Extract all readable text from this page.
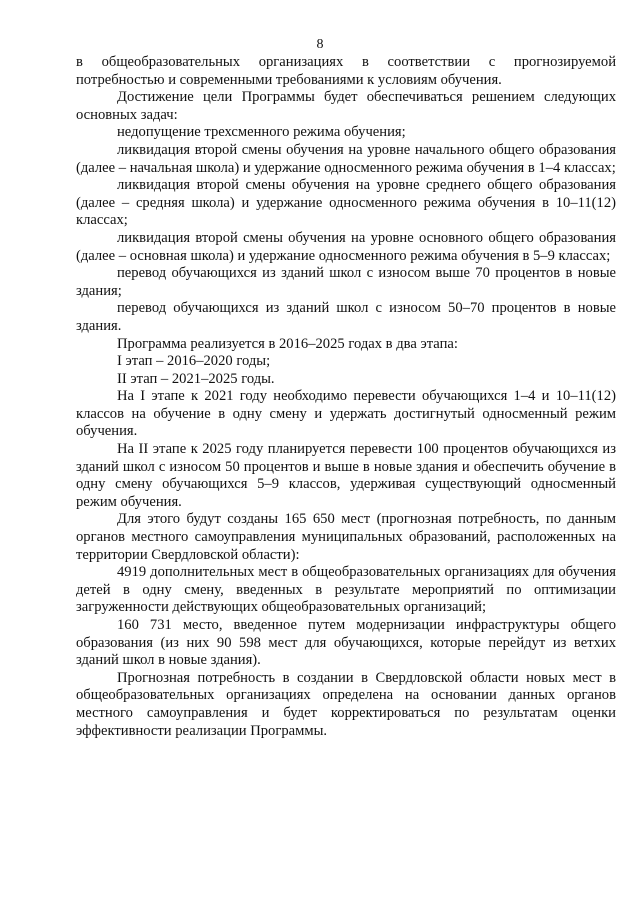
8

в общеобразовательных организациях в соответствии с прогнозируемой потребностью и современными требованиями к условиям обучения.

Достижение цели Программы будет обеспечиваться решением следующих основных задач:

недопущение трехсменного режима обучения;

ликвидация второй смены обучения на уровне начального общего образования (далее – начальная школа) и удержание односменного режима обучения в 1–4 классах;

ликвидация второй смены обучения на уровне среднего общего образования (далее – средняя школа) и удержание односменного режима обучения в 10–11(12) классах;

ликвидация второй смены обучения на уровне основного общего образования (далее – основная школа) и удержание односменного режима обучения в 5–9 классах;

перевод обучающихся из зданий школ с износом выше 70 процентов в новые здания;

перевод обучающихся из зданий школ с износом 50–70 процентов в новые здания.

Программа реализуется в 2016–2025 годах в два этапа:

I этап – 2016–2020 годы;

II этап – 2021–2025 годы.

На I этапе к 2021 году необходимо перевести обучающихся 1–4 и 10–11(12) классов на обучение в одну смену и удержать достигнутый односменный режим обучения.

На II этапе к 2025 году планируется перевести 100 процентов обучающихся из зданий школ с износом 50 процентов и выше в новые здания и обеспечить обучение в одну смену обучающихся 5–9 классов, удерживая существующий односменный режим обучения.

Для этого будут созданы 165 650 мест (прогнозная потребность, по данным органов местного самоуправления муниципальных образований, расположенных на территории Свердловской области):

4919 дополнительных мест в общеобразовательных организациях для обучения детей в одну смену, введенных в результате мероприятий по оптимизации загруженности действующих общеобразовательных организаций;

160 731 место, введенное путем модернизации инфраструктуры общего образования (из них 90 598 мест для обучающихся, которые перейдут из ветхих зданий школ в новые здания).

Прогнозная потребность в создании в Свердловской области новых мест в общеобразовательных организациях определена на основании данных органов местного самоуправления и будет корректироваться по результатам оценки эффективности реализации Программы.
